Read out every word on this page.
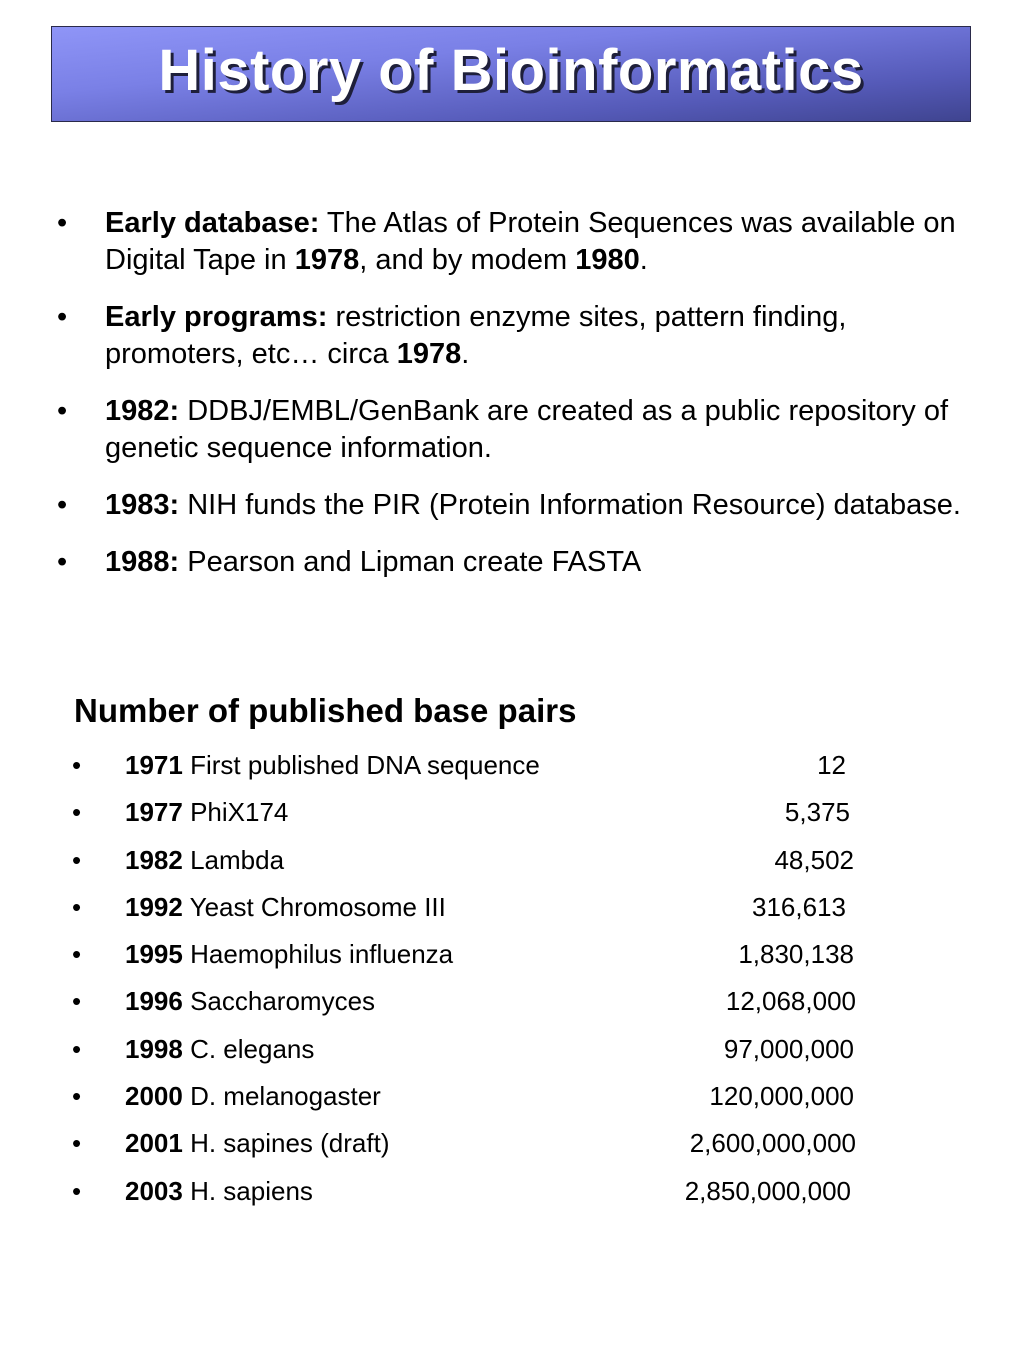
History of Bioinformatics
• Early database: The Atlas of Protein Sequences was available on Digital Tape in 1978, and by modem 1980.
• Early programs: restriction enzyme sites, pattern finding, promoters, etc… circa 1978.
• 1982: DDBJ/EMBL/GenBank are created as a public repository of genetic sequence information.
• 1983: NIH funds the PIR (Protein Information Resource) database.
• 1988: Pearson and Lipman create FASTA
Number of published base pairs
• 1971 First published DNA sequence	12
• 1977 PhiX174	5,375
• 1982 Lambda	48,502
• 1992 Yeast Chromosome III	316,613
• 1995 Haemophilus influenza	1,830,138
• 1996 Saccharomyces	12,068,000
• 1998 C. elegans	97,000,000
• 2000 D. melanogaster	120,000,000
• 2001 H. sapines (draft)	2,600,000,000
• 2003 H. sapiens	2,850,000,000
